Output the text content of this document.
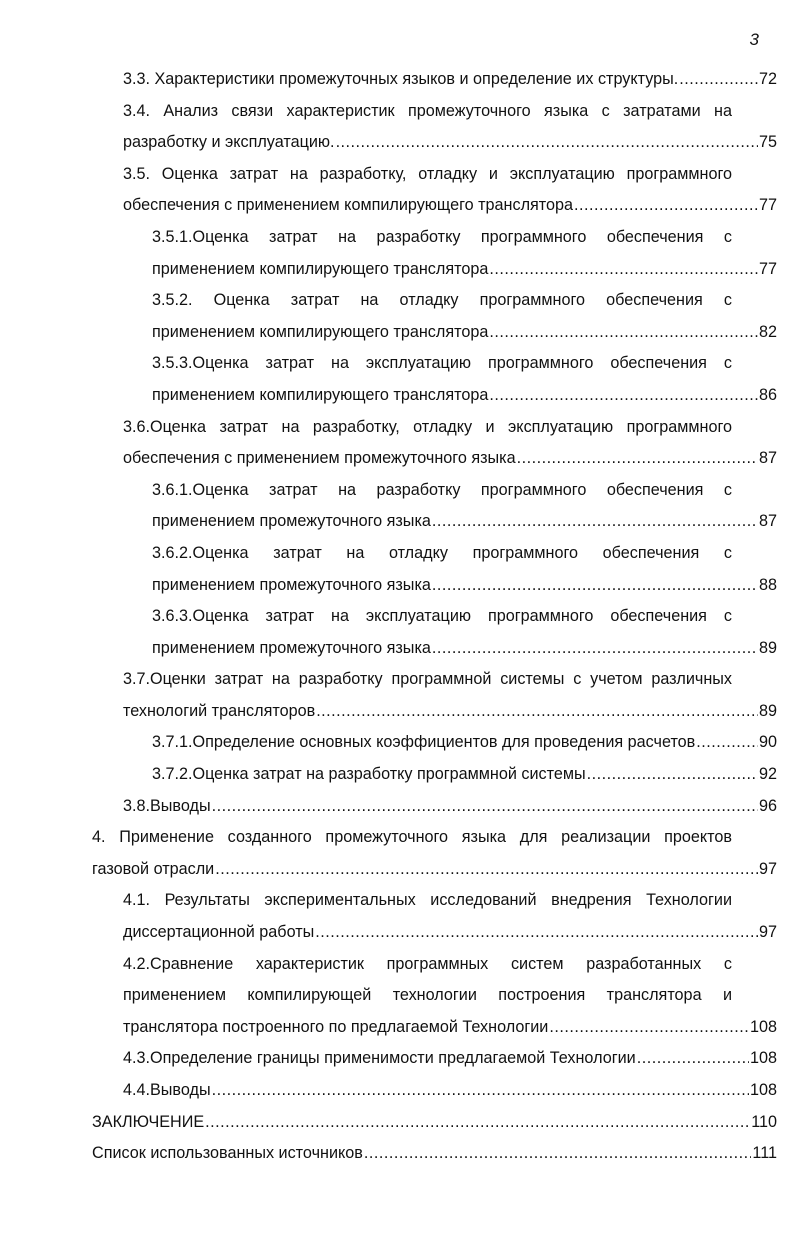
3
3.3. Характеристики промежуточных языков и определение их структуры. .....	72
3.4. Анализ связи характеристик промежуточного языка с затратами на
разработку и эксплуатацию. .....	75
3.5. Оценка затрат на разработку, отладку и эксплуатацию программного
обеспечения с применением компилирующего транслятора .....	77
3.5.1.Оценка затрат на разработку программного обеспечения с
применением компилирующего транслятора .....	77
3.5.2. Оценка затрат на отладку программного обеспечения с
применением компилирующего транслятора .....	82
3.5.3.Оценка затрат на эксплуатацию программного обеспечения с
применением компилирующего транслятора .....	86
3.6.Оценка затрат на разработку, отладку и эксплуатацию программного
обеспечения с применением промежуточного языка .....	87
3.6.1.Оценка затрат на разработку программного обеспечения с
применением промежуточного языка .....	87
3.6.2.Оценка затрат на отладку программного обеспечения с
применением промежуточного языка .....	88
3.6.3.Оценка затрат на эксплуатацию программного обеспечения с
применением промежуточного языка .....	89
3.7.Оценки затрат на разработку программной системы с учетом различных
технологий трансляторов .....	89
3.7.1.Определение основных коэффициентов для проведения расчетов .....	90
3.7.2.Оценка затрат на разработку программной системы .....	92
3.8.Выводы .....	96
4. Применение созданного промежуточного языка для реализации проектов
газовой отрасли .....	97
4.1. Результаты экспериментальных исследований внедрения Технологии
диссертационной работы .....	97
4.2.Сравнение характеристик программных систем разработанных с
применением компилирующей технологии построения транслятора и
транслятора построенного по предлагаемой Технологии .....	108
4.3.Определение границы применимости предлагаемой Технологии .....	108
4.4.Выводы .....	108
ЗАКЛЮЧЕНИЕ .....	110
Список использованных источников .....	111
